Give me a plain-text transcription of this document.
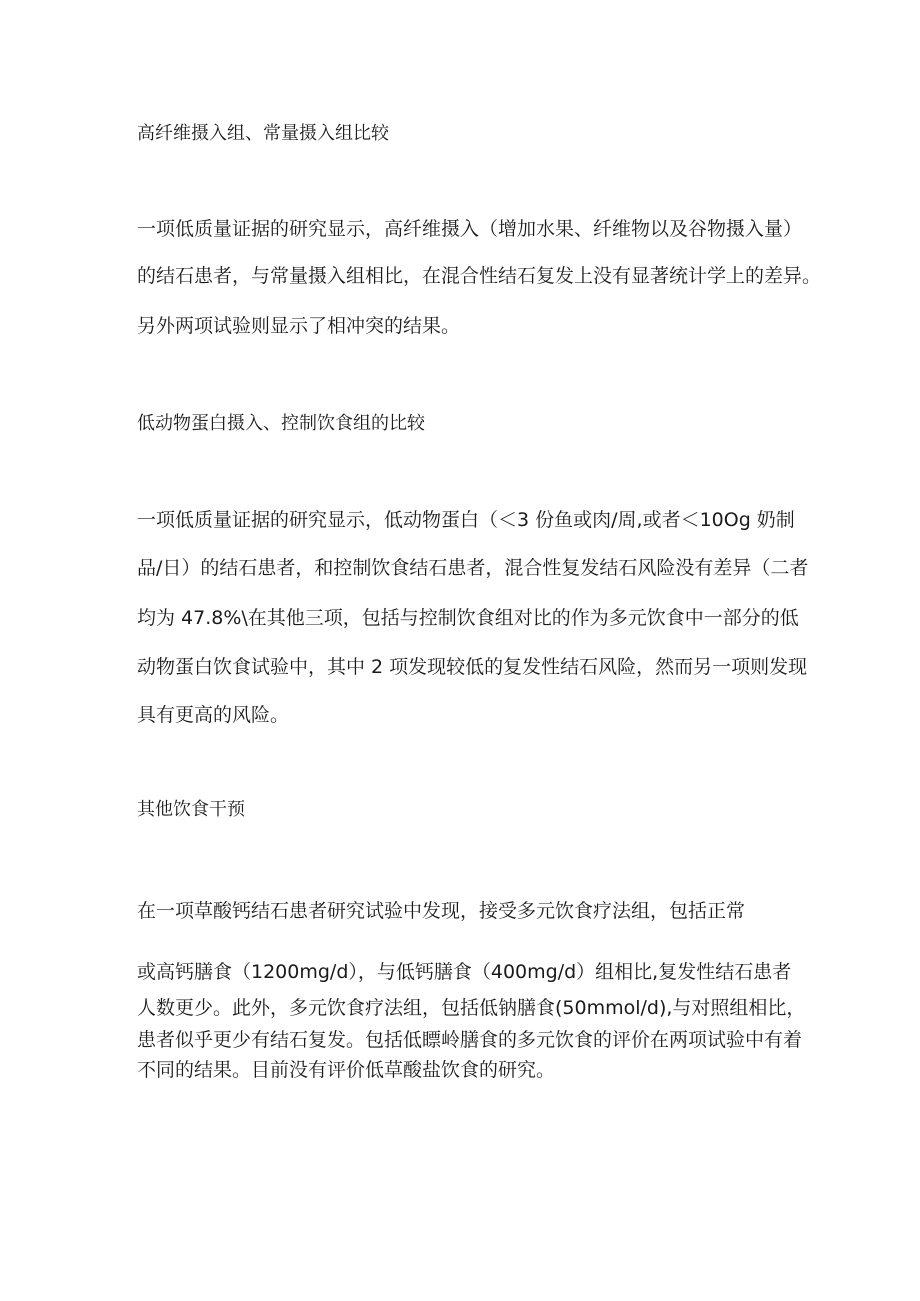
高纤维摄入组、常量摄入组比较
一项低质量证据的研究显示，高纤维摄入（增加水果、纤维物以及谷物摄入量）
的结石患者，与常量摄入组相比，在混合性结石复发上没有显著统计学上的差异。
另外两项试验则显示了相冲突的结果。
低动物蛋白摄入、控制饮食组的比较
一项低质量证据的研究显示，低动物蛋白（＜3 份鱼或肉/周,或者＜10Og 奶制
品/日）的结石患者，和控制饮食结石患者，混合性复发结石风险没有差异（二者
均为 47.8%\在其他三项，包括与控制饮食组对比的作为多元饮食中一部分的低
动物蛋白饮食试验中，其中 2 项发现较低的复发性结石风险，然而另一项则发现
具有更高的风险。
其他饮食干预
在一项草酸钙结石患者研究试验中发现，接受多元饮食疗法组，包括正常
或高钙膳食（1200mg∕d），与低钙膳食（400mg∕d）组相比,复发性结石患者
人数更少。此外，多元饮食疗法组，包括低钠膳食(50mmol∕d),与对照组相比，
患者似乎更少有结石复发。包括低瞟岭膳食的多元饮食的评价在两项试验中有着
不同的结果。目前没有评价低草酸盐饮食的研究。
